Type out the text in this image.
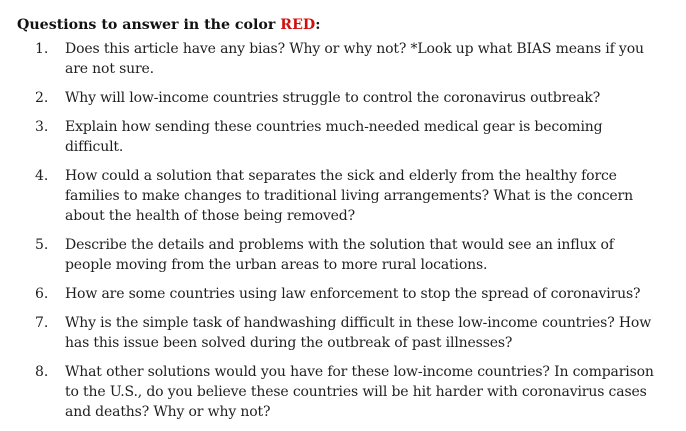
Questions to answer in the color RED:
1.	Does this article have any bias? Why or why not? *Look up what BIAS means if you are not sure.
2.	Why will low-income countries struggle to control the coronavirus outbreak?
3.	Explain how sending these countries much-needed medical gear is becoming difficult.
4.	How could a solution that separates the sick and elderly from the healthy force families to make changes to traditional living arrangements? What is the concern about the health of those being removed?
5.	Describe the details and problems with the solution that would see an influx of people moving from the urban areas to more rural locations.
6.	How are some countries using law enforcement to stop the spread of coronavirus?
7.	Why is the simple task of handwashing difficult in these low-income countries? How has this issue been solved during the outbreak of past illnesses?
8.	What other solutions would you have for these low-income countries? In comparison to the U.S., do you believe these countries will be hit harder with coronavirus cases and deaths? Why or why not?
